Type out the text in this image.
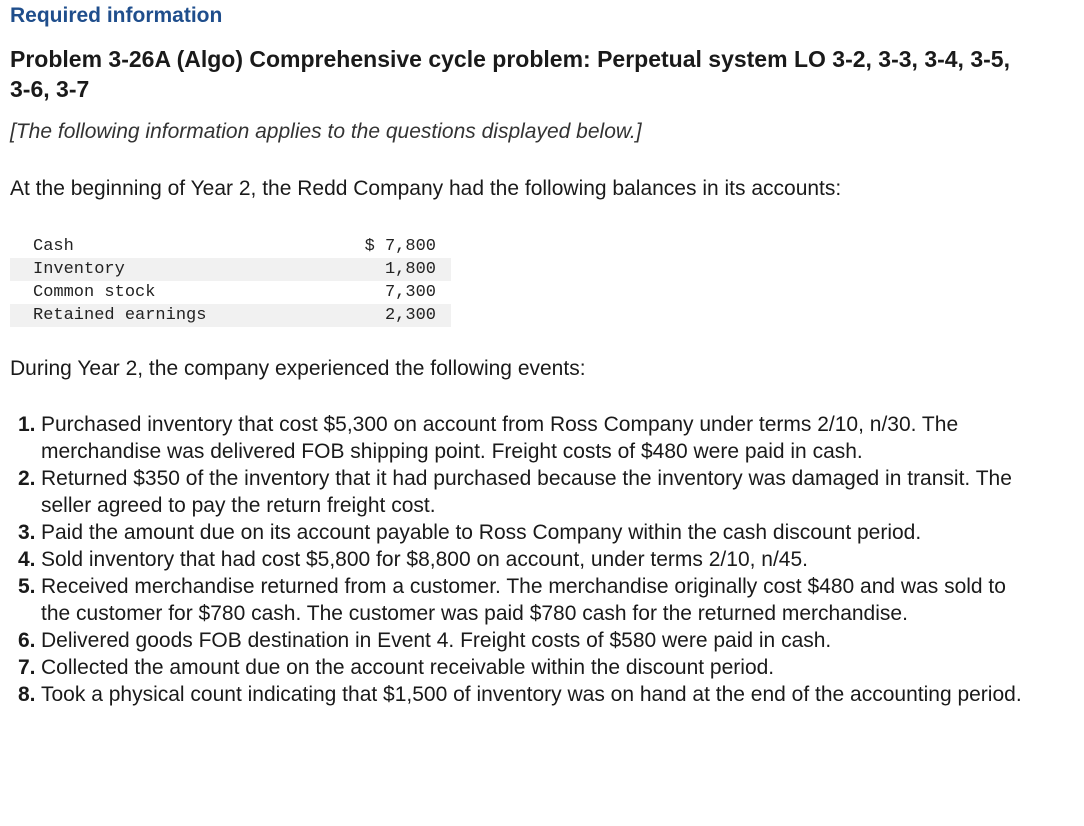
Required information
Problem 3-26A (Algo) Comprehensive cycle problem: Perpetual system LO 3-2, 3-3, 3-4, 3-5, 3-6, 3-7
[The following information applies to the questions displayed below.]
At the beginning of Year 2, the Redd Company had the following balances in its accounts:
Cash	$ 7,800
Inventory	1,800
Common stock	7,300
Retained earnings	2,300
During Year 2, the company experienced the following events:
1. Purchased inventory that cost $5,300 on account from Ross Company under terms 2/10, n/30. The merchandise was delivered FOB shipping point. Freight costs of $480 were paid in cash.
2. Returned $350 of the inventory that it had purchased because the inventory was damaged in transit. The seller agreed to pay the return freight cost.
3. Paid the amount due on its account payable to Ross Company within the cash discount period.
4. Sold inventory that had cost $5,800 for $8,800 on account, under terms 2/10, n/45.
5. Received merchandise returned from a customer. The merchandise originally cost $480 and was sold to the customer for $780 cash. The customer was paid $780 cash for the returned merchandise.
6. Delivered goods FOB destination in Event 4. Freight costs of $580 were paid in cash.
7. Collected the amount due on the account receivable within the discount period.
8. Took a physical count indicating that $1,500 of inventory was on hand at the end of the accounting period.
